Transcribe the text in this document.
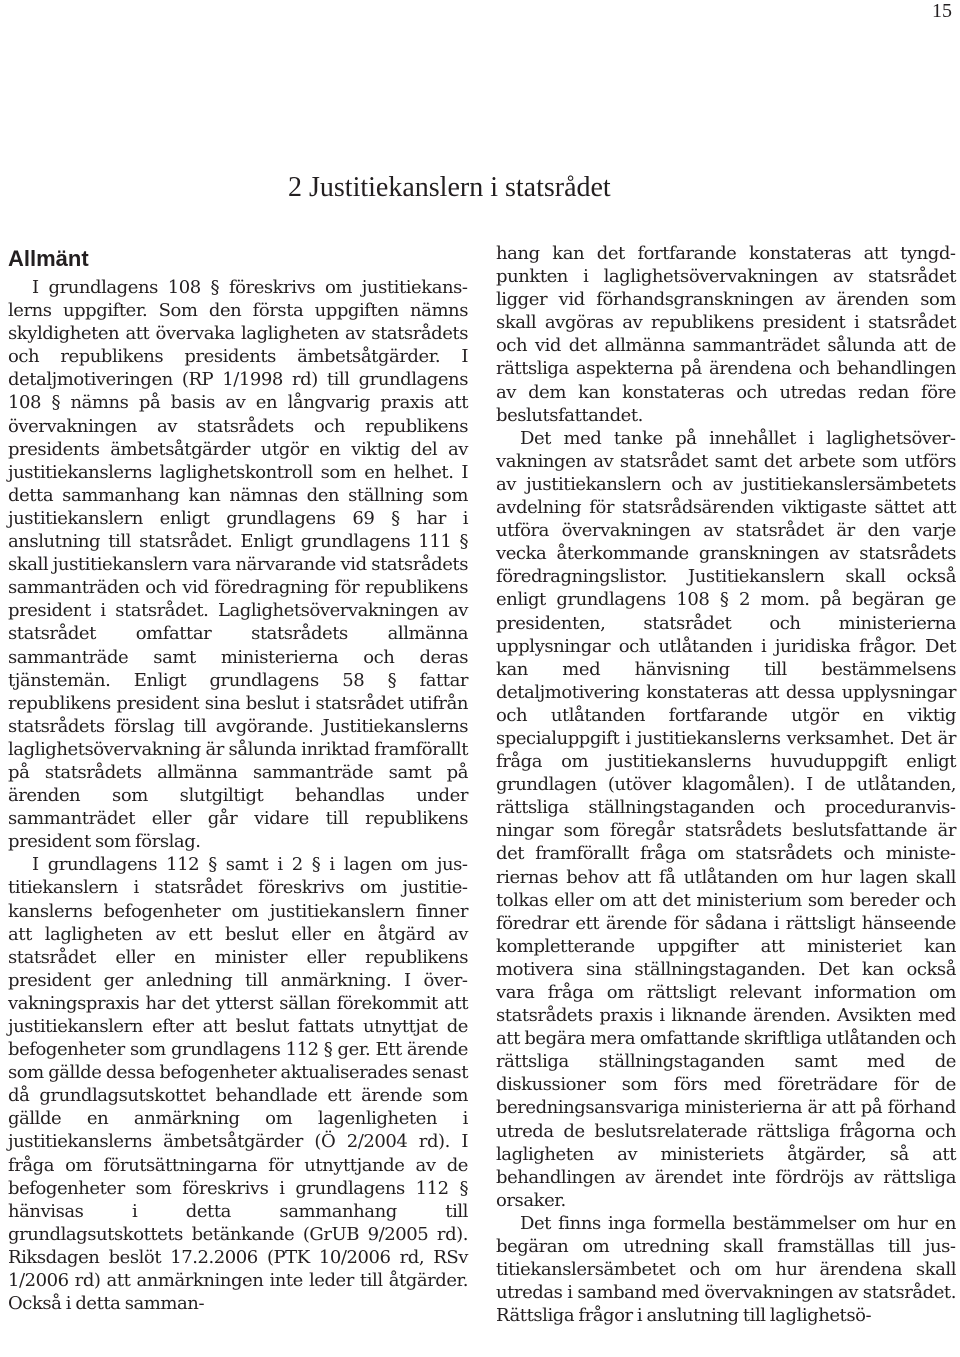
15
2 Justitiekanslern i statsrådet
Allmänt

I grundlagens 108 § föreskrivs om justitiekanslerns uppgifter. Som den första uppgiften nämns skyldigheten att övervaka lagligheten av statsrådets och republikens presidents ämbetsåtgärder. I detaljmotiveringen (RP 1/1998 rd) till grundlagens 108 § nämns på basis av en långvarig praxis att övervakningen av statsrådets och republikens presidents ämbetsåtgärder utgör en viktig del av justitiekanslerns laglighetskontroll som en helhet. I detta sammanhang kan nämnas den ställning som justitiekanslern enligt grundlagens 69 § har i anslutning till statsrådet. Enligt grundlagens 111 § skall justitiekanslern vara närvarande vid statsrådets sammanträden och vid föredragning för republikens president i statsrådet. Laglighetsövervakningen av statsrådet omfattar statsrådets allmänna sammanträde samt ministerierna och deras tjänstemän. Enligt grundlagens 58 § fattar republikens president sina beslut i statsrådet utifrån statsrådets förslag till avgörande. Justitiekanslerns laglighetsövervakning är sålunda inriktad framförallt på statsrådets allmänna sammanträde samt på ärenden som slutgiltigt behandlas under sammanträdet eller går vidare till republikens president som förslag.

I grundlagens 112 § samt i 2 § i lagen om justitiekanslern i statsrådet föreskrivs om justitiekanslerns befogenheter om justitiekanslern finner att lagligheten av ett beslut eller en åtgärd av statsrådet eller en minister eller republikens president ger anledning till anmärkning. I övervakningspraxis har det ytterst sällan förekommit att justitiekanslern efter att beslut fattats utnyttjat de befogenheter som grundlagens 112 § ger. Ett ärende som gällde dessa befogenheter aktualiserades senast då grundlagsutskottet behandlade ett ärende som gällde en anmärkning om lagenligheten i justitiekanslerns ämbetsåtgärder (Ö 2/2004 rd). I fråga om förutsättningarna för utnyttjande av de befogenheter som föreskrivs i grundlagens 112 § hänvisas i detta sammanhang till grundlagsutskottets betänkande (GrUB 9/2005 rd). Riksdagen beslöt 17.2.2006 (PTK 10/2006 rd, RSv 1/2006 rd) att anmärkningen inte leder till åtgärder. Också i detta samman-

hang kan det fortfarande konstateras att tyngdpunkten i laglighetsövervakningen av statsrådet ligger vid förhandsgranskningen av ärenden som skall avgöras av republikens president i statsrådet och vid det allmänna sammanträdet sålunda att de rättsliga aspekterna på ärendena och behandlingen av dem kan konstateras och utredas redan före beslutsfattandet.

Det med tanke på innehållet i laglighetsövervakningen av statsrådet samt det arbete som utförs av justitiekanslern och av justitiekanslersämbetets avdelning för statsrådsärenden viktigaste sättet att utföra övervakningen av statsrådet är den varje vecka återkommande granskningen av statsrådets föredragningslistor. Justitiekanslern skall också enligt grundlagens 108 § 2 mom. på begäran ge presidenten, statsrådet och ministerierna upplysningar och utlåtanden i juridiska frågor. Det kan med hänvisning till bestämmelsens detaljmotivering konstateras att dessa upplysningar och utlåtanden fortfarande utgör en viktig specialuppgift i justitiekanslerns verksamhet. Det är fråga om justitiekanslerns huvuduppgift enligt grundlagen (utöver klagomålen). I de utlåtanden, rättsliga ställningstaganden och proceduranvisningar som föregår statsrådets beslutsfattande är det framförallt fråga om statsrådets och ministeriernas behov att få utlåtanden om hur lagen skall tolkas eller om att det ministerium som bereder och föredrar ett ärende för sådana i rättsligt hänseende kompletterande uppgifter att ministeriet kan motivera sina ställningstaganden. Det kan också vara fråga om rättsligt relevant information om statsrådets praxis i liknande ärenden. Avsikten med att begära mera omfattande skriftliga utlåtanden och rättsliga ställningstaganden samt med de diskussioner som förs med företrädare för de beredningsansvariga ministerierna är att på förhand utreda de beslutsrelaterade rättsliga frågorna och lagligheten av ministeriets åtgärder, så att behandlingen av ärendet inte fördröjs av rättsliga orsaker.

Det finns inga formella bestämmelser om hur en begäran om utredning skall framställas till justitiekanslersämbetet och om hur ärendena skall utredas i samband med övervakningen av statsrådet. Rättsliga frågor i anslutning till laglighetsö-
